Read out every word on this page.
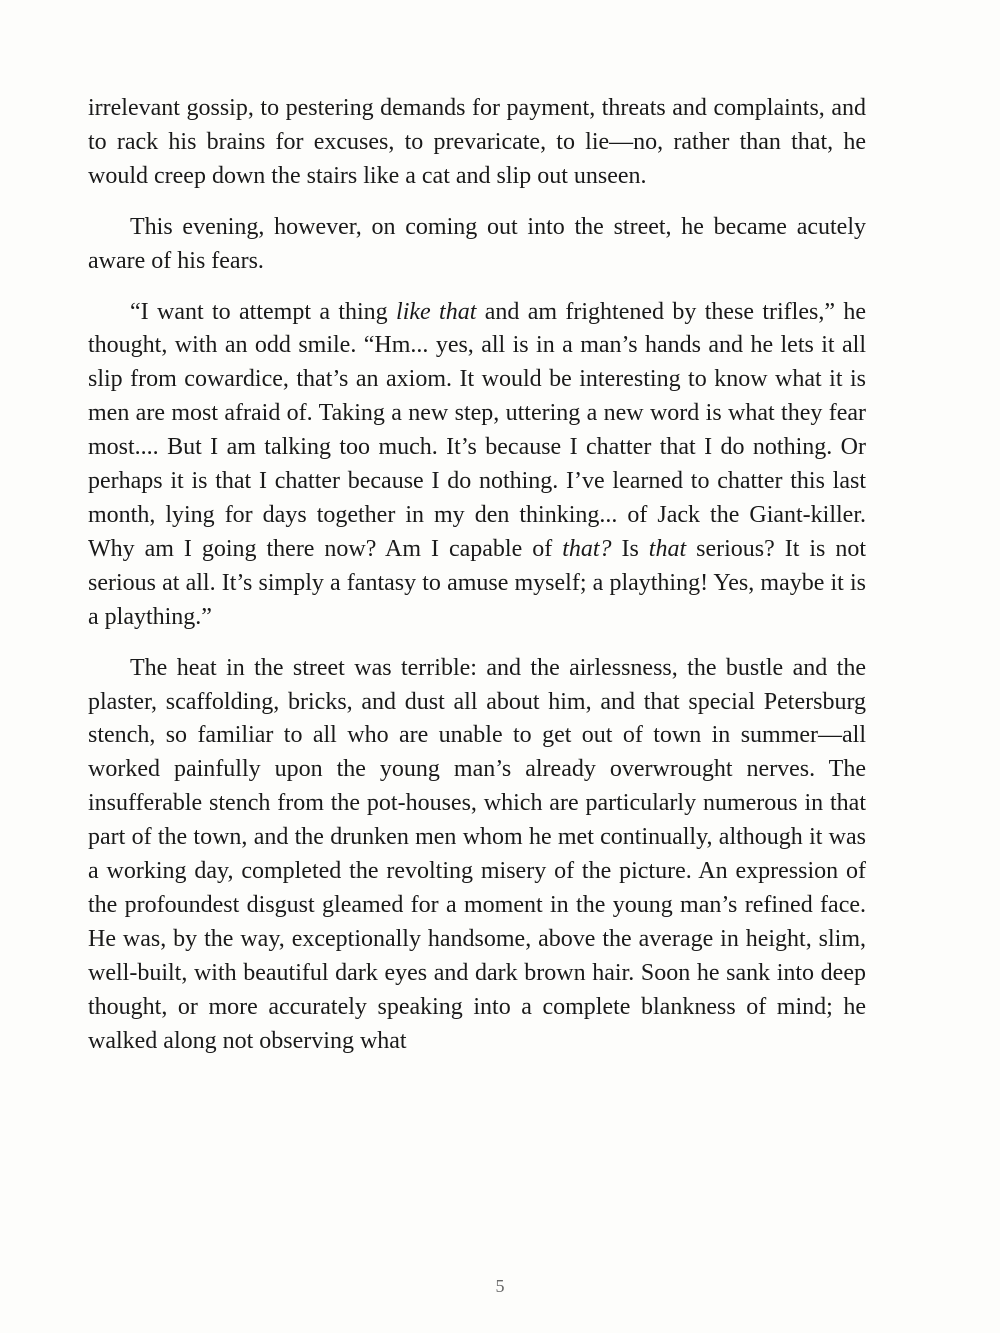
irrelevant gossip, to pestering demands for payment, threats and complaints, and to rack his brains for excuses, to prevaricate, to lie—no, rather than that, he would creep down the stairs like a cat and slip out unseen.

This evening, however, on coming out into the street, he became acutely aware of his fears.

“I want to attempt a thing like that and am frightened by these trifles,” he thought, with an odd smile. “Hm... yes, all is in a man’s hands and he lets it all slip from cowardice, that’s an axiom. It would be interesting to know what it is men are most afraid of. Taking a new step, uttering a new word is what they fear most.... But I am talking too much. It’s because I chatter that I do nothing. Or perhaps it is that I chatter because I do nothing. I’ve learned to chatter this last month, lying for days together in my den thinking... of Jack the Giant-killer. Why am I going there now? Am I capable of that? Is that serious? It is not serious at all. It’s simply a fantasy to amuse myself; a plaything! Yes, maybe it is a plaything.”

The heat in the street was terrible: and the airlessness, the bustle and the plaster, scaffolding, bricks, and dust all about him, and that special Petersburg stench, so familiar to all who are unable to get out of town in summer—all worked painfully upon the young man’s already overwrought nerves. The insufferable stench from the pot-houses, which are particularly numerous in that part of the town, and the drunken men whom he met continually, although it was a working day, completed the revolting misery of the picture. An expression of the profoundest disgust gleamed for a moment in the young man’s refined face. He was, by the way, exceptionally handsome, above the average in height, slim, well-built, with beautiful dark eyes and dark brown hair. Soon he sank into deep thought, or more accurately speaking into a complete blankness of mind; he walked along not observing what

5
